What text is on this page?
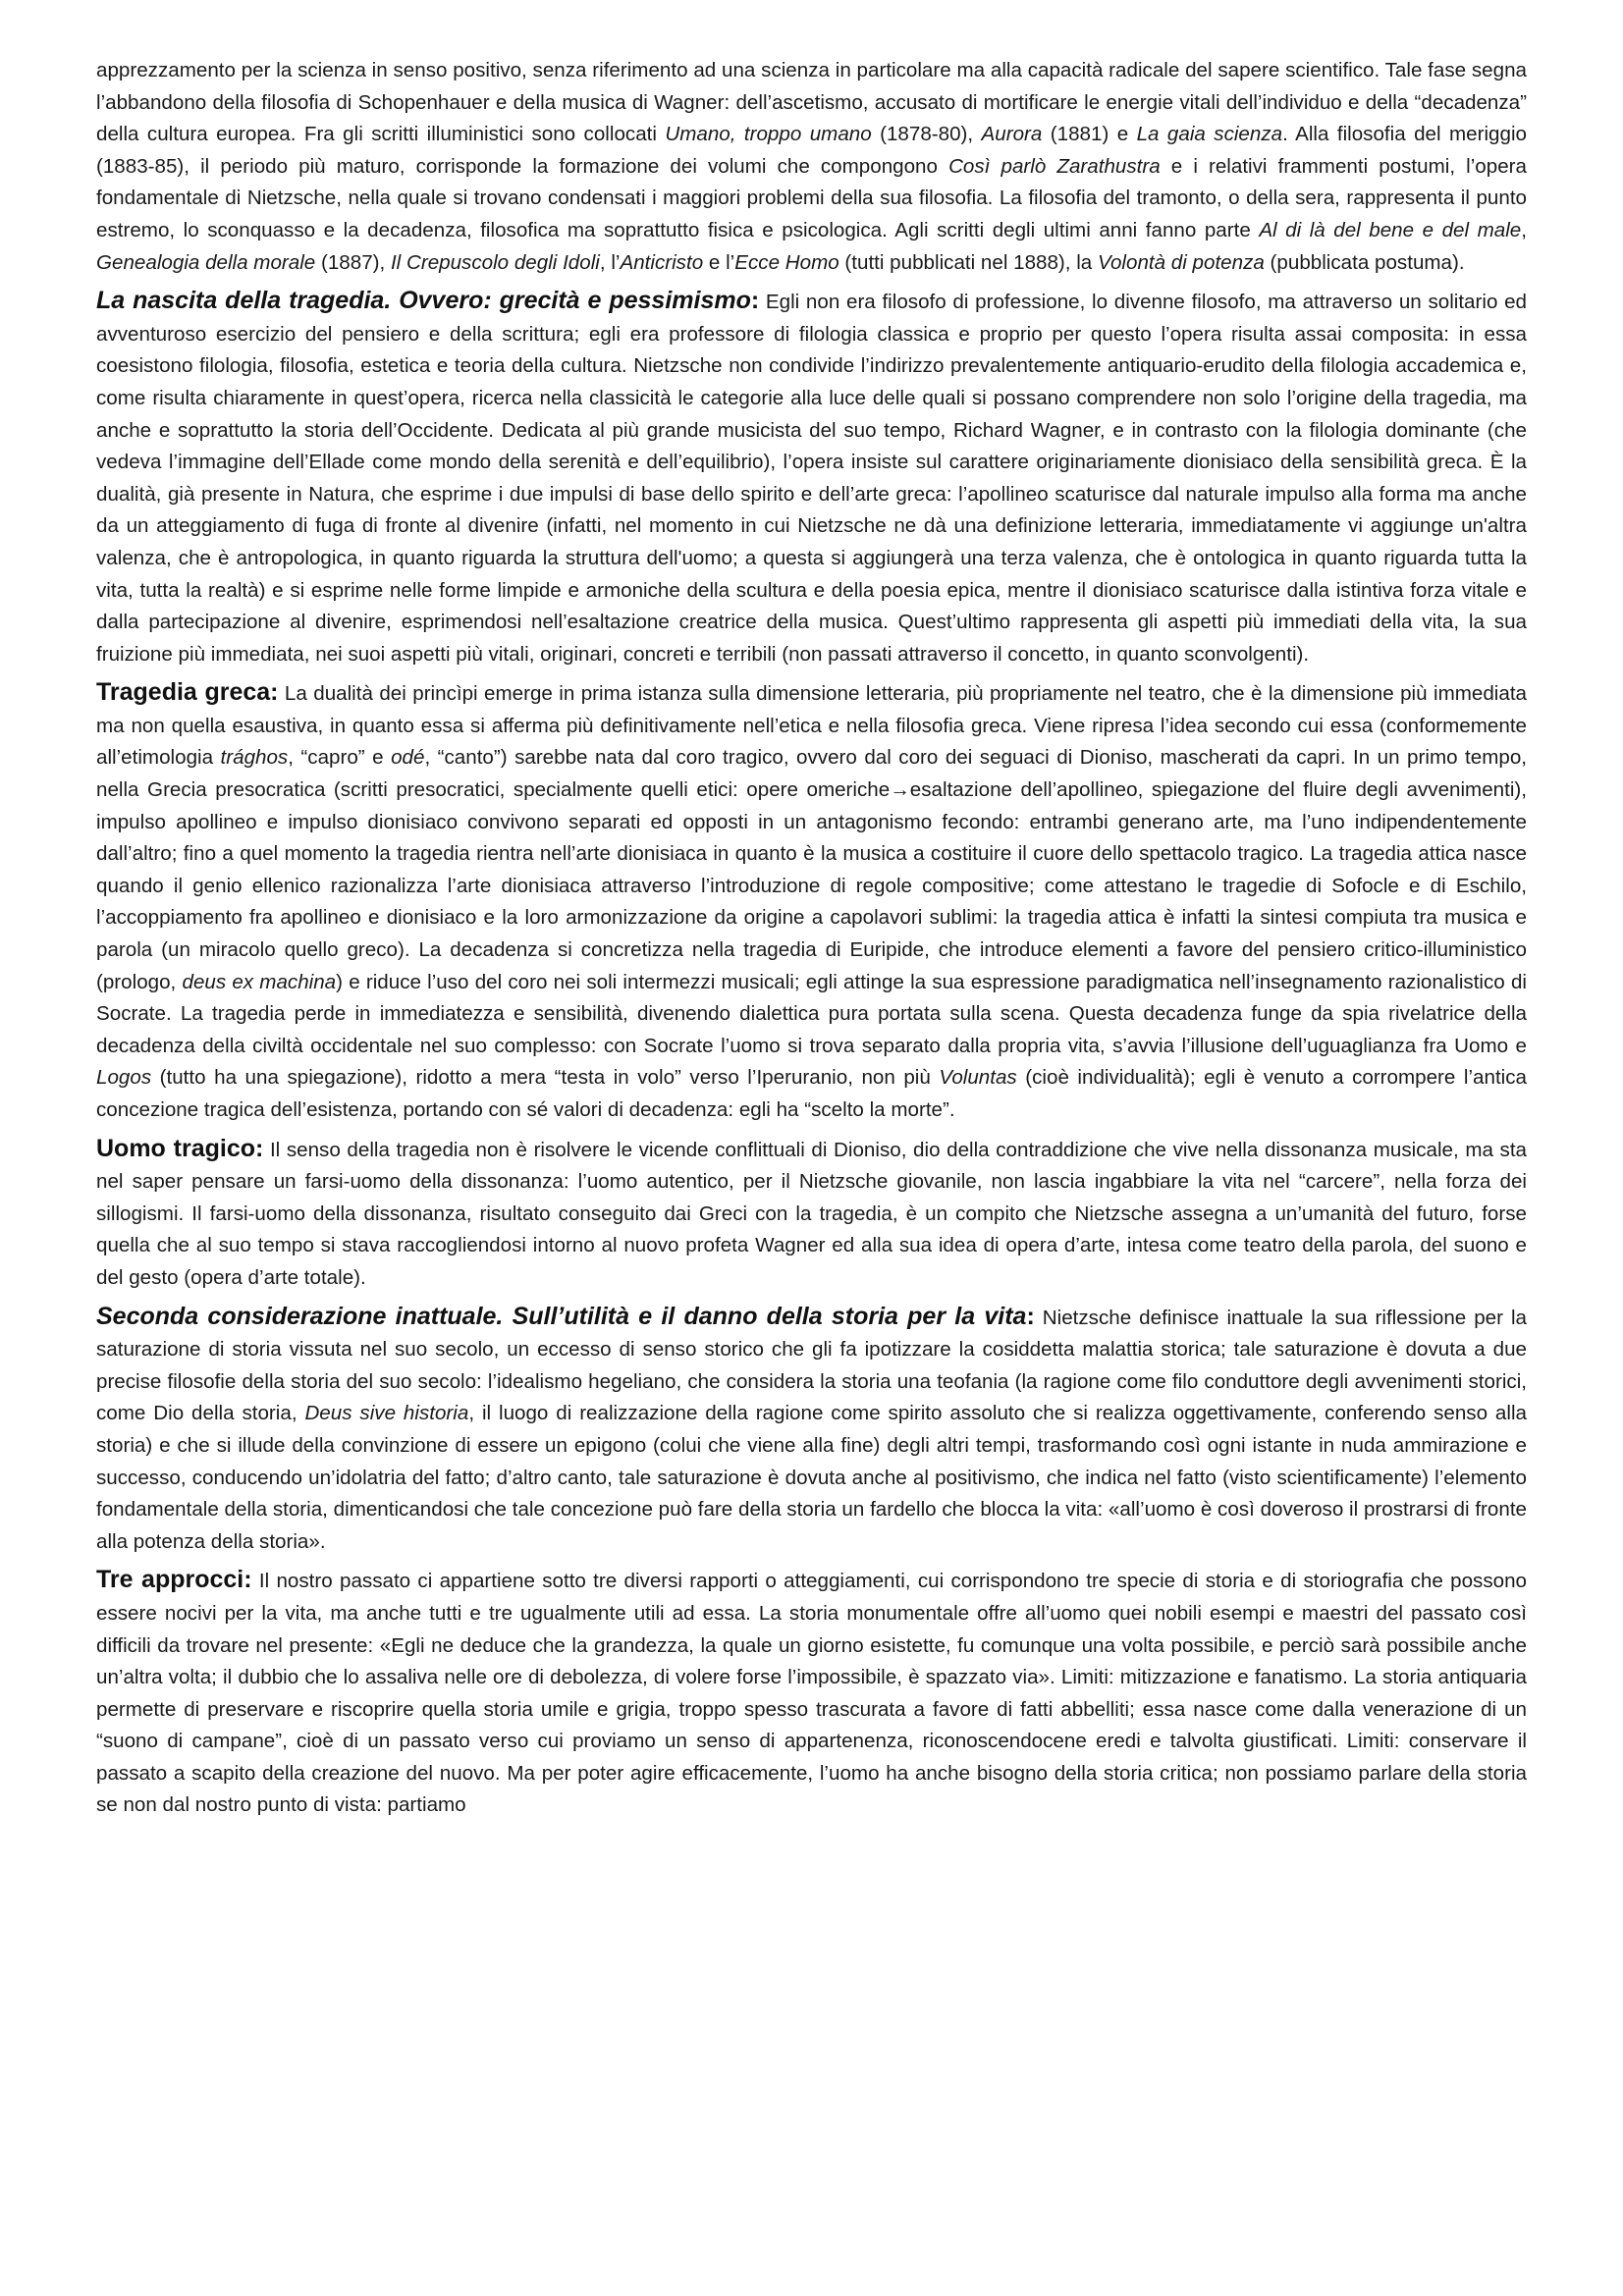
apprezzamento per la scienza in senso positivo, senza riferimento ad una scienza in particolare ma alla capacità radicale del sapere scientifico. Tale fase segna l’abbandono della filosofia di Schopenhauer e della musica di Wagner: dell’ascetismo, accusato di mortificare le energie vitali dell’individuo e della “decadenza” della cultura europea. Fra gli scritti illuministici sono collocati Umano, troppo umano (1878-80), Aurora (1881) e La gaia scienza. Alla filosofia del meriggio (1883-85), il periodo più maturo, corrisponde la formazione dei volumi che compongono Così parlò Zarathustra e i relativi frammenti postumi, l’opera fondamentale di Nietzsche, nella quale si trovano condensati i maggiori problemi della sua filosofia. La filosofia del tramonto, o della sera, rappresenta il punto estremo, lo sconquasso e la decadenza, filosofica ma soprattutto fisica e psicologica. Agli scritti degli ultimi anni fanno parte Al di là del bene e del male, Genealogia della morale (1887), Il Crepuscolo degli Idoli, l’Anticristo e l’Ecce Homo (tutti pubblicati nel 1888), la Volontà di potenza (pubblicata postuma).

La nascita della tragedia. Ovvero: grecità e pessimismo: Egli non era filosofo di professione, lo divenne filosofo, ma attraverso un solitario ed avventuroso esercizio del pensiero e della scrittura; egli era professore di filologia classica e proprio per questo l’opera risulta assai composita: in essa coesistono filologia, filosofia, estetica e teoria della cultura. Nietzsche non condivide l’indirizzo prevalentemente antiquario-erudito della filologia accademica e, come risulta chiaramente in quest’opera, ricerca nella classicità le categorie alla luce delle quali si possano comprendere non solo l’origine della tragedia, ma anche e soprattutto la storia dell’Occidente. Dedicata al più grande musicista del suo tempo, Richard Wagner, e in contrasto con la filologia dominante (che vedeva l’immagine dell’Ellade come mondo della serenità e dell’equilibrio), l’opera insiste sul carattere originariamente dionisiaco della sensibilità greca. È la dualità, già presente in Natura, che esprime i due impulsi di base dello spirito e dell’arte greca: l’apollineo scaturisce dal naturale impulso alla forma ma anche da un atteggiamento di fuga di fronte al divenire (infatti, nel momento in cui Nietzsche ne dà una definizione letteraria, immediatamente vi aggiunge un'altra valenza, che è antropologica, in quanto riguarda la struttura dell'uomo; a questa si aggiungerà una terza valenza, che è ontologica in quanto riguarda tutta la vita, tutta la realtà) e si esprime nelle forme limpide e armoniche della scultura e della poesia epica, mentre il dionisiaco scaturisce dalla istintiva forza vitale e dalla partecipazione al divenire, esprimendosi nell’esaltazione creatrice della musica. Quest’ultimo rappresenta gli aspetti più immediati della vita, la sua fruizione più immediata, nei suoi aspetti più vitali, originari, concreti e terribili (non passati attraverso il concetto, in quanto sconvolgenti).

Tragedia greca: La dualità dei princìpi emerge in prima istanza sulla dimensione letteraria, più propriamente nel teatro, che è la dimensione più immediata ma non quella esaustiva, in quanto essa si afferma più definitivamente nell’etica e nella filosofia greca. Viene ripresa l’idea secondo cui essa (conformemente all’etimologia trághos, “capro” e odé, “canto”) sarebbe nata dal coro tragico, ovvero dal coro dei seguaci di Dioniso, mascherati da capri. In un primo tempo, nella Grecia presocratica (scritti presocratici, specialmente quelli etici: opere omeriche→esaltazione dell’apollineo, spiegazione del fluire degli avvenimenti), impulso apollineo e impulso dionisiaco convivono separati ed opposti in un antagonismo fecondo: entrambi generano arte, ma l’uno indipendentemente dall’altro; fino a quel momento la tragedia rientra nell’arte dionisiaca in quanto è la musica a costituire il cuore dello spettacolo tragico. La tragedia attica nasce quando il genio ellenico razionalizza l’arte dionisiaca attraverso l’introduzione di regole compositive; come attestano le tragedie di Sofocle e di Eschilo, l’accoppiamento fra apollineo e dionisiaco e la loro armonizzazione da origine a capolavori sublimi: la tragedia attica è infatti la sintesi compiuta tra musica e parola (un miracolo quello greco). La decadenza si concretizza nella tragedia di Euripide, che introduce elementi a favore del pensiero critico-illuministico (prologo, deus ex machina) e riduce l’uso del coro nei soli intermezzi musicali; egli attinge la sua espressione paradigmatica nell’insegnamento razionalistico di Socrate. La tragedia perde in immediatezza e sensibilità, divenendo dialettica pura portata sulla scena. Questa decadenza funge da spia rivelatrice della decadenza della civiltà occidentale nel suo complesso: con Socrate l’uomo si trova separato dalla propria vita, s’avvia l’illusione dell’uguaglianza fra Uomo e Logos (tutto ha una spiegazione), ridotto a mera “testa in volo” verso l’Iperuranio, non più Voluntas (cioè individualità); egli è venuto a corrompere l’antica concezione tragica dell’esistenza, portando con sé valori di decadenza: egli ha “scelto la morte”.

Uomo tragico: Il senso della tragedia non è risolvere le vicende conflittuali di Dioniso, dio della contraddizione che vive nella dissonanza musicale, ma sta nel saper pensare un farsi-uomo della dissonanza: l’uomo autentico, per il Nietzsche giovanile, non lascia ingabbiare la vita nel “carcere”, nella forza dei sillogismi. Il farsi-uomo della dissonanza, risultato conseguito dai Greci con la tragedia, è un compito che Nietzsche assegna a un’umanità del futuro, forse quella che al suo tempo si stava raccogliendosi intorno al nuovo profeta Wagner ed alla sua idea di opera d’arte, intesa come teatro della parola, del suono e del gesto (opera d’arte totale).

Seconda considerazione inattuale. Sull’utilità e il danno della storia per la vita: Nietzsche definisce inattuale la sua riflessione per la saturazione di storia vissuta nel suo secolo, un eccesso di senso storico che gli fa ipotizzare la cosiddetta malattia storica; tale saturazione è dovuta a due precise filosofie della storia del suo secolo: l’idealismo hegeliano, che considera la storia una teofania (la ragione come filo conduttore degli avvenimenti storici, come Dio della storia, Deus sive historia, il luogo di realizzazione della ragione come spirito assoluto che si realizza oggettivamente, conferendo senso alla storia) e che si illude della convinzione di essere un epigono (colui che viene alla fine) degli altri tempi, trasformando così ogni istante in nuda ammirazione e successo, conducendo un’idolatria del fatto; d’altro canto, tale saturazione è dovuta anche al positivismo, che indica nel fatto (visto scientificamente) l’elemento fondamentale della storia, dimenticandosi che tale concezione può fare della storia un fardello che blocca la vita: «all’uomo è così doveroso il prostrarsi di fronte alla potenza della storia».

Tre approcci: Il nostro passato ci appartiene sotto tre diversi rapporti o atteggiamenti, cui corrispondono tre specie di storia e di storiografia che possono essere nocivi per la vita, ma anche tutti e tre ugualmente utili ad essa. La storia monumentale offre all’uomo quei nobili esempi e maestri del passato così difficili da trovare nel presente: «Egli ne deduce che la grandezza, la quale un giorno esistette, fu comunque una volta possibile, e perciò sarà possibile anche un’altra volta; il dubbio che lo assaliva nelle ore di debolezza, di volere forse l’impossibile, è spazzato via». Limiti: mitizzazione e fanatismo. La storia antiquaria permette di preservare e riscoprire quella storia umile e grigia, troppo spesso trascurata a favore di fatti abbelliti; essa nasce come dalla venerazione di un “suono di campane”, cioè di un passato verso cui proviamo un senso di appartenenza, riconoscendocene eredi e talvolta giustificati. Limiti: conservare il passato a scapito della creazione del nuovo. Ma per poter agire efficacemente, l’uomo ha anche bisogno della storia critica; non possiamo parlare della storia se non dal nostro punto di vista: partiamo
